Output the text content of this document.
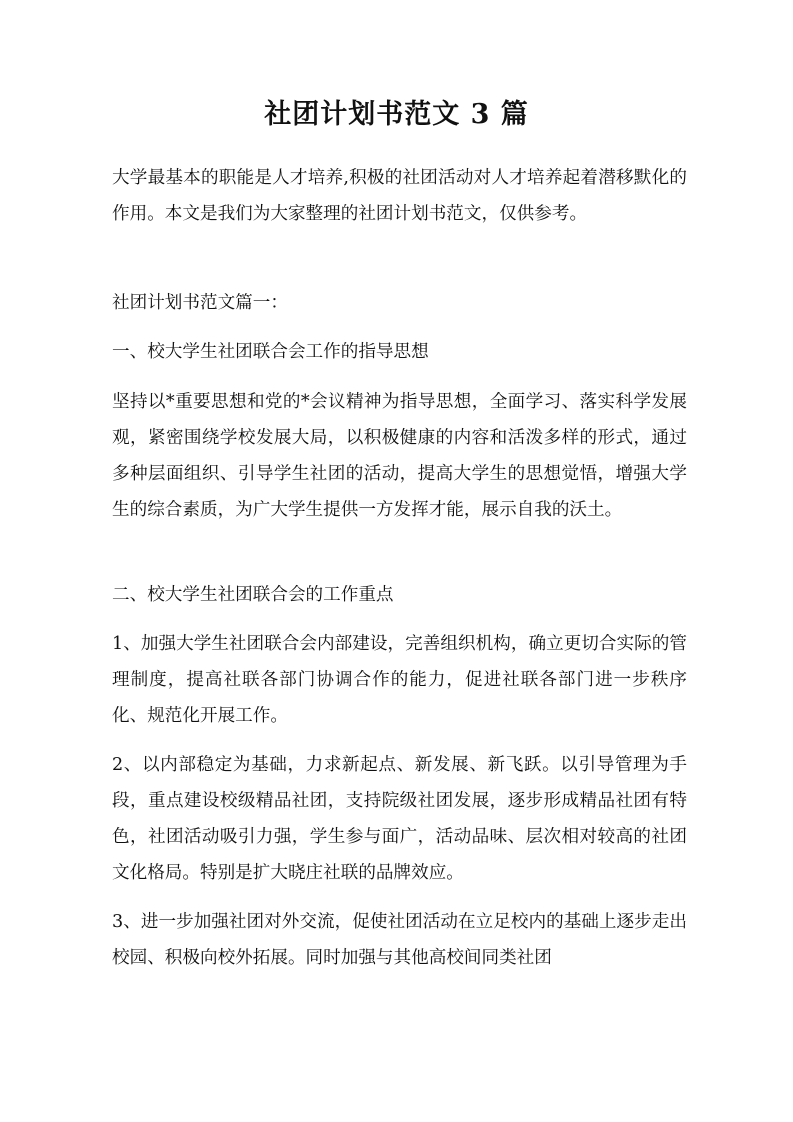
社团计划书范文 3 篇

大学最基本的职能是人才培养,积极的社团活动对人才培养起着潜移默化的作用。本文是我们为大家整理的社团计划书范文，仅供参考。

社团计划书范文篇一：

一、校大学生社团联合会工作的指导思想

坚持以*重要思想和党的*会议精神为指导思想，全面学习、落实科学发展观，紧密围绕学校发展大局，以积极健康的内容和活泼多样的形式，通过多种层面组织、引导学生社团的活动，提高大学生的思想觉悟，增强大学生的综合素质，为广大学生提供一方发挥才能，展示自我的沃土。

二、校大学生社团联合会的工作重点

1、加强大学生社团联合会内部建设，完善组织机构，确立更切合实际的管理制度，提高社联各部门协调合作的能力，促进社联各部门进一步秩序化、规范化开展工作。

2、以内部稳定为基础，力求新起点、新发展、新飞跃。以引导管理为手段，重点建设校级精品社团，支持院级社团发展，逐步形成精品社团有特色，社团活动吸引力强，学生参与面广，活动品味、层次相对较高的社团文化格局。特别是扩大晓庄社联的品牌效应。

3、进一步加强社团对外交流，促使社团活动在立足校内的基础上逐步走出校园、积极向校外拓展。同时加强与其他高校间同类社团
